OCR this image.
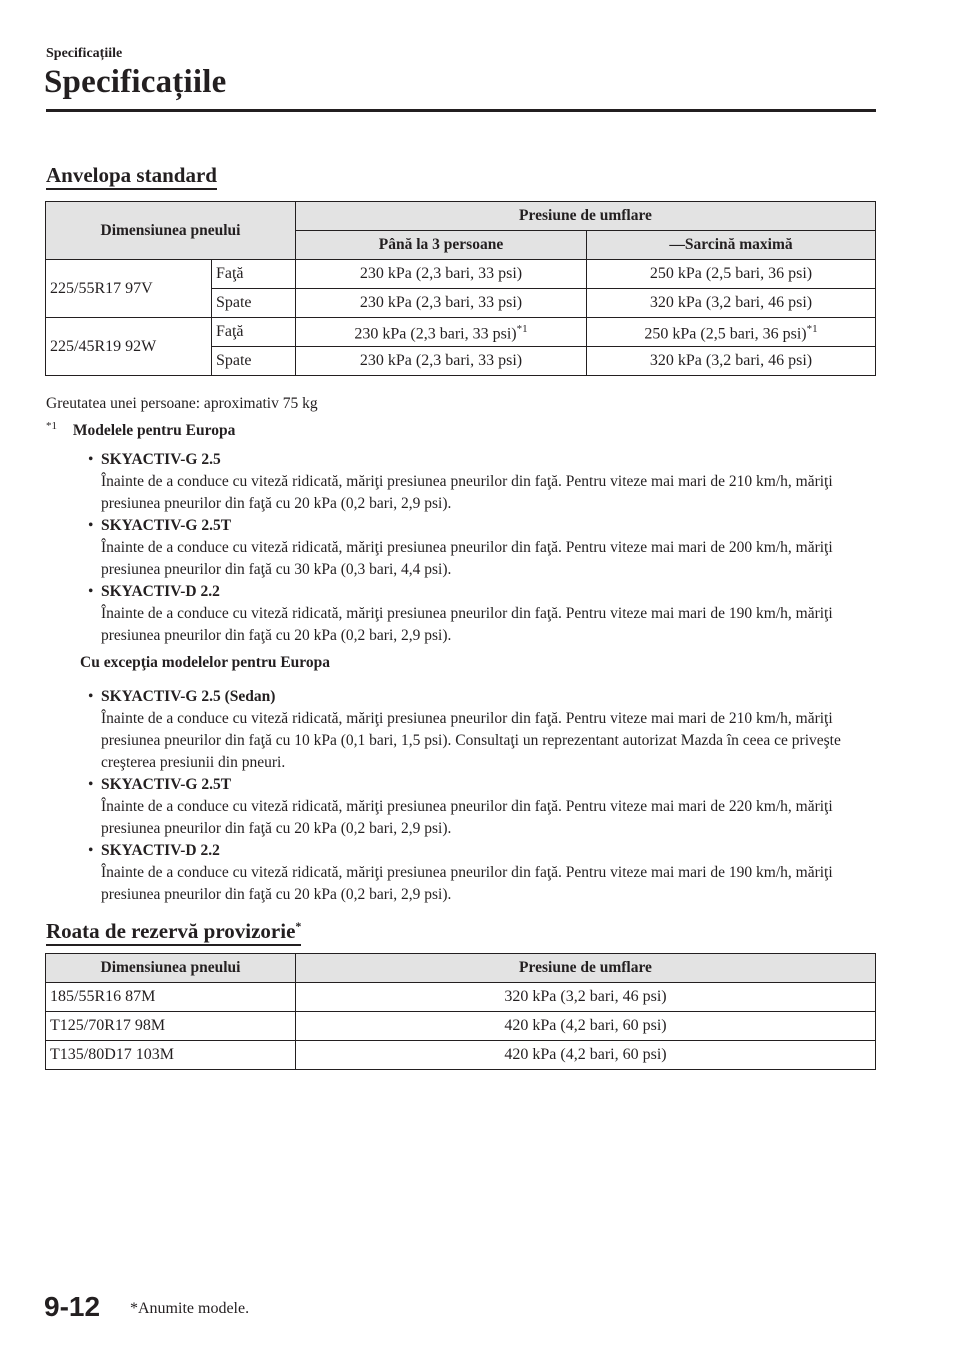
Specificațiile
Specificațiile
Anvelopa standard
Dimensiunea pneului		Presiune de umflare	
		Până la 3 persoane	—Sarcină maximă
225/55R17 97V	Faţă	230 kPa (2,3 bari, 33 psi)	250 kPa (2,5 bari, 36 psi)
	Spate	230 kPa (2,3 bari, 33 psi)	320 kPa (3,2 bari, 46 psi)
225/45R19 92W	Faţă	230 kPa (2,3 bari, 33 psi)$^{*1}$	250 kPa (2,5 bari, 36 psi)$^{*1}$
	Spate	230 kPa (2,3 bari, 33 psi)	320 kPa (3,2 bari, 46 psi)
Greutatea unei persoane: aproximativ 75 kg
$^{*1}$ Modelele pentru Europa
• SKYACTIV-G 2.5
Înainte de a conduce cu viteză ridicată, măriţi presiunea pneurilor din faţă. Pentru viteze mai mari de 210 km/h, măriţi presiunea pneurilor din faţă cu 20 kPa (0,2 bari, 2,9 psi).
• SKYACTIV-G 2.5T
Înainte de a conduce cu viteză ridicată, măriţi presiunea pneurilor din faţă. Pentru viteze mai mari de 200 km/h, măriţi presiunea pneurilor din faţă cu 30 kPa (0,3 bari, 4,4 psi).
• SKYACTIV-D 2.2
Înainte de a conduce cu viteză ridicată, măriţi presiunea pneurilor din faţă. Pentru viteze mai mari de 190 km/h, măriţi presiunea pneurilor din faţă cu 20 kPa (0,2 bari, 2,9 psi).
Cu excepţia modelelor pentru Europa
• SKYACTIV-G 2.5 (Sedan)
Înainte de a conduce cu viteză ridicată, măriţi presiunea pneurilor din faţă. Pentru viteze mai mari de 210 km/h, măriţi presiunea pneurilor din faţă cu 10 kPa (0,1 bari, 1,5 psi). Consultaţi un reprezentant autorizat Mazda în ceea ce priveşte creşterea presiunii din pneuri.
• SKYACTIV-G 2.5T
Înainte de a conduce cu viteză ridicată, măriţi presiunea pneurilor din faţă. Pentru viteze mai mari de 220 km/h, măriţi presiunea pneurilor din faţă cu 20 kPa (0,2 bari, 2,9 psi).
• SKYACTIV-D 2.2
Înainte de a conduce cu viteză ridicată, măriţi presiunea pneurilor din faţă. Pentru viteze mai mari de 190 km/h, măriţi presiunea pneurilor din faţă cu 20 kPa (0,2 bari, 2,9 psi).
Roata de rezervă provizorie*
Dimensiunea pneului	Presiune de umflare
185/55R16 87M	320 kPa (3,2 bari, 46 psi)
T125/70R17 98M	420 kPa (4,2 bari, 60 psi)
T135/80D17 103M	420 kPa (4,2 bari, 60 psi)
9-12 *Anumite modele.
